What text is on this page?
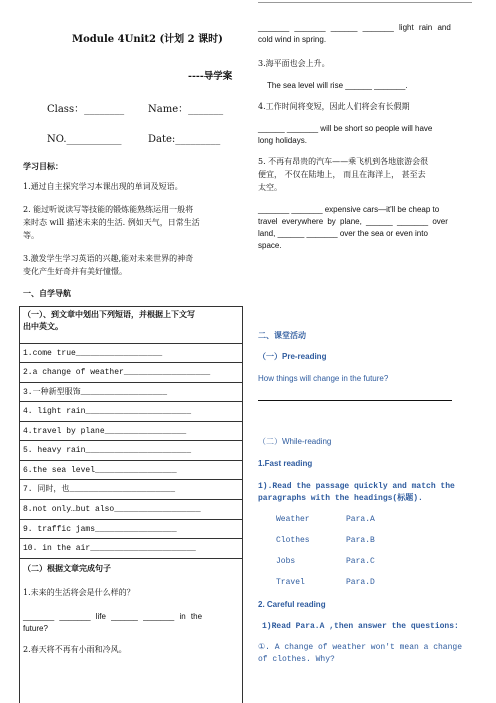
Module 4Unit2 (计划 2 课时)
----导学案
Class：________ Name：_______
NO.___________	Date:_________
学习目标：
1.通过自主探究学习本课出现的单词及短语。
2. 能过听说读写等技能的锻炼能熟练运用一般将
来时态 will 描述未来的生活. 例如天气，日常生活
等。
3.激发学生学习英语的兴趣,能对未来世界的神奇
变化产生好奇并有美好憧憬。
一、自学导航
（一）、到文章中划出下列短语，并根据上下文写
出中英文。
1.come true__________________
2.a change of weather__________________
3.一种新型服饰__________________
4. light rain______________________
4.travel by plane_________________
5. heavy rain______________________
6.the sea level_________________
7. 同时，也______________________
8.not only…but also__________________
9. traffic jams_________________
10. in the air______________________
（二）根据文章完成句子
1.未来的生活将会是什么样的？
_______ _______ life ______ _______ in the
future?
2.春天将不再有小雨和冷风。
_______ _______ ______ _______ light rain and
cold wind in spring.
3.海平面也会上升。
The sea level will rise ______ _______.
4.工作时间将变短，因此人们将会有长假期
______ _______ will be short so people will have
long holidays.
5. 不再有昂贵的汽车——乘飞机到各地旅游会很
便宜， 不仅在陆地上， 而且在海洋上， 甚至去
太空。
_______ _______ expensive cars—it'll be cheap to
travel everywhere by plane, ______ _______ over
land, ______ _______ over the sea or even into
space.
二、课堂活动
（一）Pre-reading
How things will change in the future?
（二）While-reading
1.Fast reading
1).Read the passage quickly and match the
paragraphs with the headings(标题).
Weather	Para.A
Clothes	Para.B
Jobs	Para.C
Travel	Para.D
2. Careful reading
1)Read Para.A ,then answer the questions:
①. A change of weather won't mean a change
of clothes. Why?
